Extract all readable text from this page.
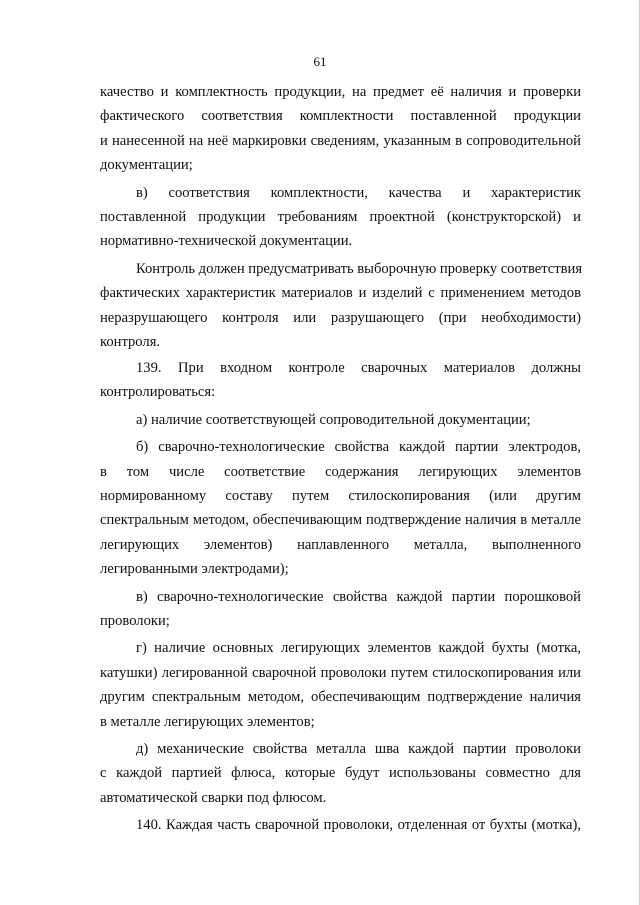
61

качество и комплектность продукции, на предмет её наличия и проверки
фактического соответствия комплектности поставленной продукции
и нанесенной на неё маркировки сведениям, указанным в сопроводительной
документации;

в) соответствия комплектности, качества и характеристик

поставленной продукции требованиям проектной (конструкторской) и
нормативно-технической документации.

Контроль должен предусматривать выборочную проверку соответствия

фактических характеристик материалов и изделий с применением методов
неразрушающего контроля или разрушающего (при необходимости)
контроля.

139. При входном контроле сварочных материалов должны

контролироваться:

а) наличие соответствующей сопроводительной документации;

б) сварочно-технологические свойства каждой партии электродов,

в том числе соответствие содержания легирующих элементов
нормированному составу путем стилоскопирования (или другим
спектральным методом, обеспечивающим подтверждение наличия в металле
легирующих элементов) наплавленного металла, выполненного
легированными электродами);

в) сварочно-технологические свойства каждой партии порошковой

проволоки;

г) наличие основных легирующих элементов каждой бухты (мотка,

катушки) легированной сварочной проволоки путем стилоскопирования или
другим спектральным методом, обеспечивающим подтверждение наличия
в металле легирующих элементов;

д) механические свойства металла шва каждой партии проволоки

с каждой партией флюса, которые будут использованы совместно для
автоматической сварки под флюсом.

140. Каждая часть сварочной проволоки, отделенная от бухты (мотка),
